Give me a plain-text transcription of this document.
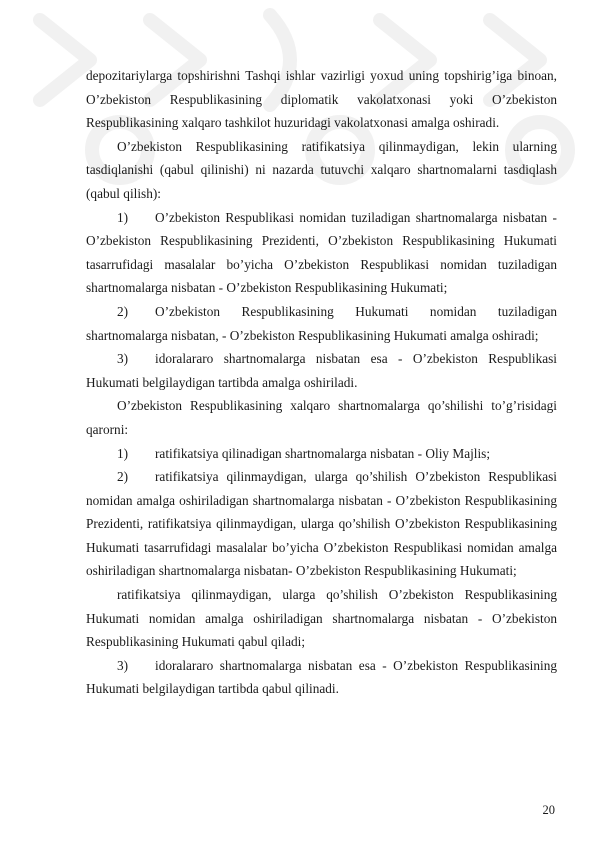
depozitariylarga topshirishni Tashqi ishlar vazirligi yoxud uning topshirig’iga binoan, O’zbekiston Respublikasining diplomatik vakolatxonasi yoki O’zbekiston Respublikasining xalqaro tashkilot huzuridagi vakolatxonasi amalga oshiradi.

O’zbekiston Respublikasining ratifikatsiya qilinmaydigan, lekin ularning tasdiqlanishi (qabul qilinishi) ni nazarda tutuvchi xalqaro shartnomalarni tasdiqlash (qabul qilish):

1) O’zbekiston Respublikasi nomidan tuziladigan shartnomalarga nisbatan - O’zbekiston Respublikasining Prezidenti, O’zbekiston Respublikasining Hukumati tasarrufidagi masalalar bo’yicha O’zbekiston Respublikasi nomidan tuziladigan shartnomalarga nisbatan - O’zbekiston Respublikasining Hukumati;

2) O’zbekiston Respublikasining Hukumati nomidan tuziladigan shartnomalarga nisbatan, - O’zbekiston Respublikasining Hukumati amalga oshiradi;

3) idoralararo shartnomalarga nisbatan esa - O’zbekiston Respublikasi Hukumati belgilaydigan tartibda amalga oshiriladi.

O’zbekiston Respublikasining xalqaro shartnomalarga qo’shilishi to’g’risidagi qarorni:

1) ratifikatsiya qilinadigan shartnomalarga nisbatan - Oliy Majlis;

2) ratifikatsiya qilinmaydigan, ularga qo’shilish O’zbekiston Respublikasi nomidan amalga oshiriladigan shartnomalarga nisbatan - O’zbekiston Respublikasining Prezidenti, ratifikatsiya qilinmaydigan, ularga qo’shilish O’zbekiston Respublikasining Hukumati tasarrufidagi masalalar bo’yicha O’zbekiston Respublikasi nomidan amalga oshiriladigan shartnomalarga nisbatan- O’zbekiston Respublikasining Hukumati;

ratifikatsiya qilinmaydigan, ularga qo’shilish O’zbekiston Respublikasining Hukumati nomidan amalga oshiriladigan shartnomalarga nisbatan - O’zbekiston Respublikasining Hukumati qabul qiladi;

3) idoralararo shartnomalarga nisbatan esa - O’zbekiston Respublikasining Hukumati belgilaydigan tartibda qabul qilinadi.

20
